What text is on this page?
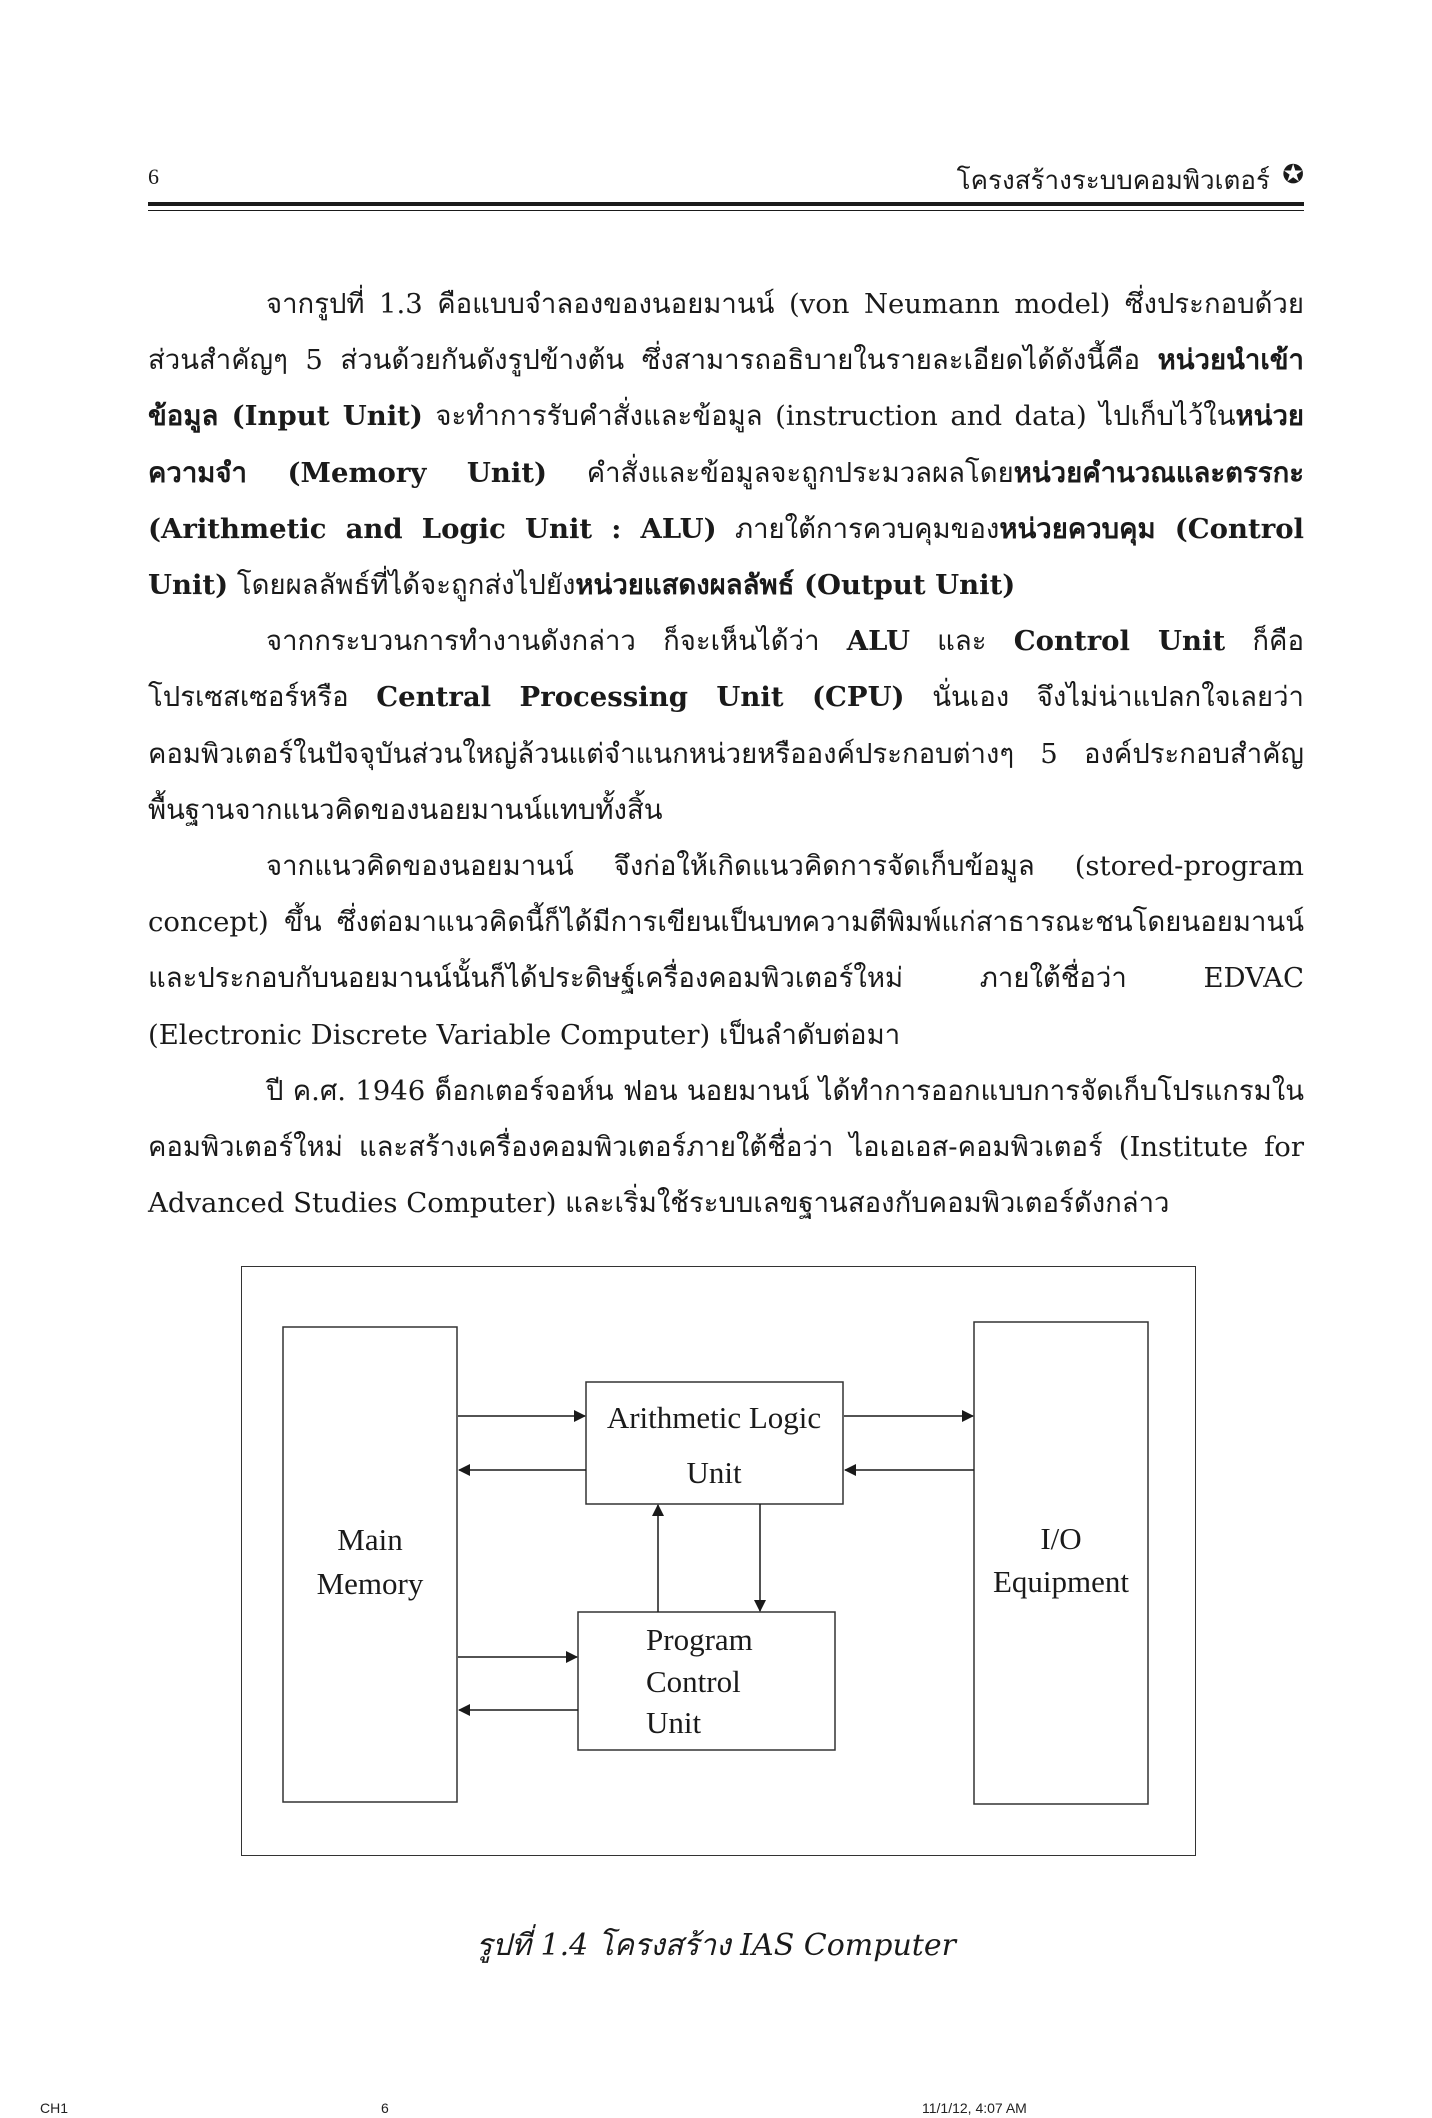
6	โครงสร้างระบบคอมพิวเตอร์ ✪

จากรูปที่ 1.3 คือแบบจำลองของนอยมานน์ (von Neumann model) ซึ่งประกอบด้วยส่วนสำคัญๆ 5 ส่วนด้วยกันดังรูปข้างต้น ซึ่งสามารถอธิบายในรายละเอียดได้ดังนี้คือ หน่วยนำเข้าข้อมูล (Input Unit) จะทำการรับคำสั่งและข้อมูล (instruction and data) ไปเก็บไว้ในหน่วยความจำ (Memory Unit) คำสั่งและข้อมูลจะถูกประมวลผลโดยหน่วยคำนวณและตรรกะ (Arithmetic and Logic Unit : ALU) ภายใต้การควบคุมของหน่วยควบคุม (Control Unit) โดยผลลัพธ์ที่ได้จะถูกส่งไปยังหน่วยแสดงผลลัพธ์ (Output Unit)

จากกระบวนการทำงานดังกล่าว ก็จะเห็นได้ว่า ALU และ Control Unit ก็คือโปรเซสเซอร์หรือ Central Processing Unit (CPU) นั่นเอง จึงไม่น่าแปลกใจเลยว่าคอมพิวเตอร์ในปัจจุบันส่วนใหญ่ล้วนแต่จำแนกหน่วยหรือองค์ประกอบต่างๆ 5 องค์ประกอบสำคัญพื้นฐานจากแนวคิดของนอยมานน์แทบทั้งสิ้น

จากแนวคิดของนอยมานน์ จึงก่อให้เกิดแนวคิดการจัดเก็บข้อมูล (stored-program concept) ขึ้น ซึ่งต่อมาแนวคิดนี้ก็ได้มีการเขียนเป็นบทความตีพิมพ์แก่สาธารณะชนโดยนอยมานน์และประกอบกับนอยมานน์นั้นก็ได้ประดิษฐ์เครื่องคอมพิวเตอร์ใหม่ ภายใต้ชื่อว่า EDVAC (Electronic Discrete Variable Computer) เป็นลำดับต่อมา

ปี ค.ศ. 1946 ด็อกเตอร์จอห์น ฟอน นอยมานน์ ได้ทำการออกแบบการจัดเก็บโปรแกรมในคอมพิวเตอร์ใหม่ และสร้างเครื่องคอมพิวเตอร์ภายใต้ชื่อว่า ไอเอเอส-คอมพิวเตอร์ (Institute for Advanced Studies Computer) และเริ่มใช้ระบบเลขฐานสองกับคอมพิวเตอร์ดังกล่าว

Main
Memory
Arithmetic Logic
Unit
Program
Control
Unit
I/O
Equipment
รูปที่ 1.4 โครงสร้าง IAS Computer
CH1	6	11/1/12, 4:07 AM
